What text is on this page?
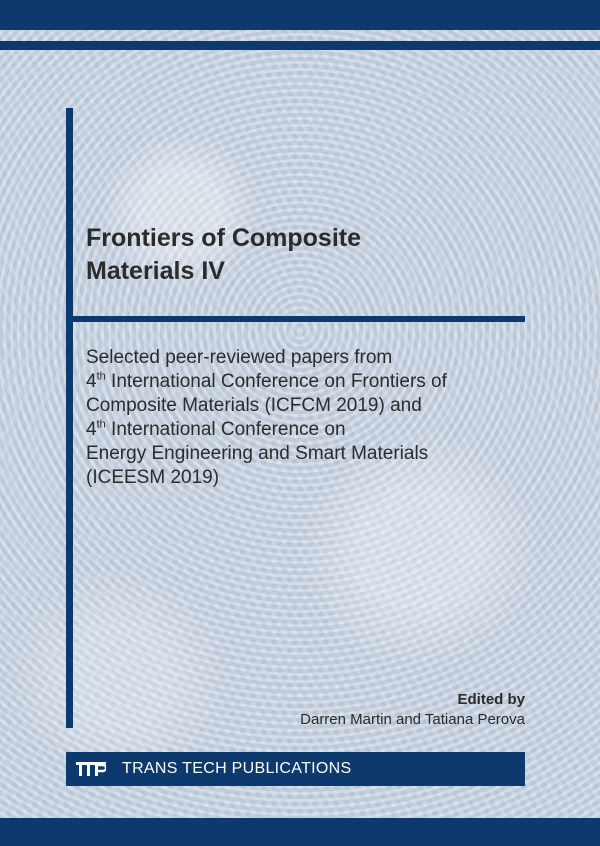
Frontiers of Composite
Materials IV
Selected peer-reviewed papers from
4th International Conference on Frontiers of
Composite Materials (ICFCM 2019) and
4th International Conference on
Energy Engineering and Smart Materials
(ICEESM 2019)
Edited by
Darren Martin and Tatiana Perova
TRANS TECH PUBLICATIONS
